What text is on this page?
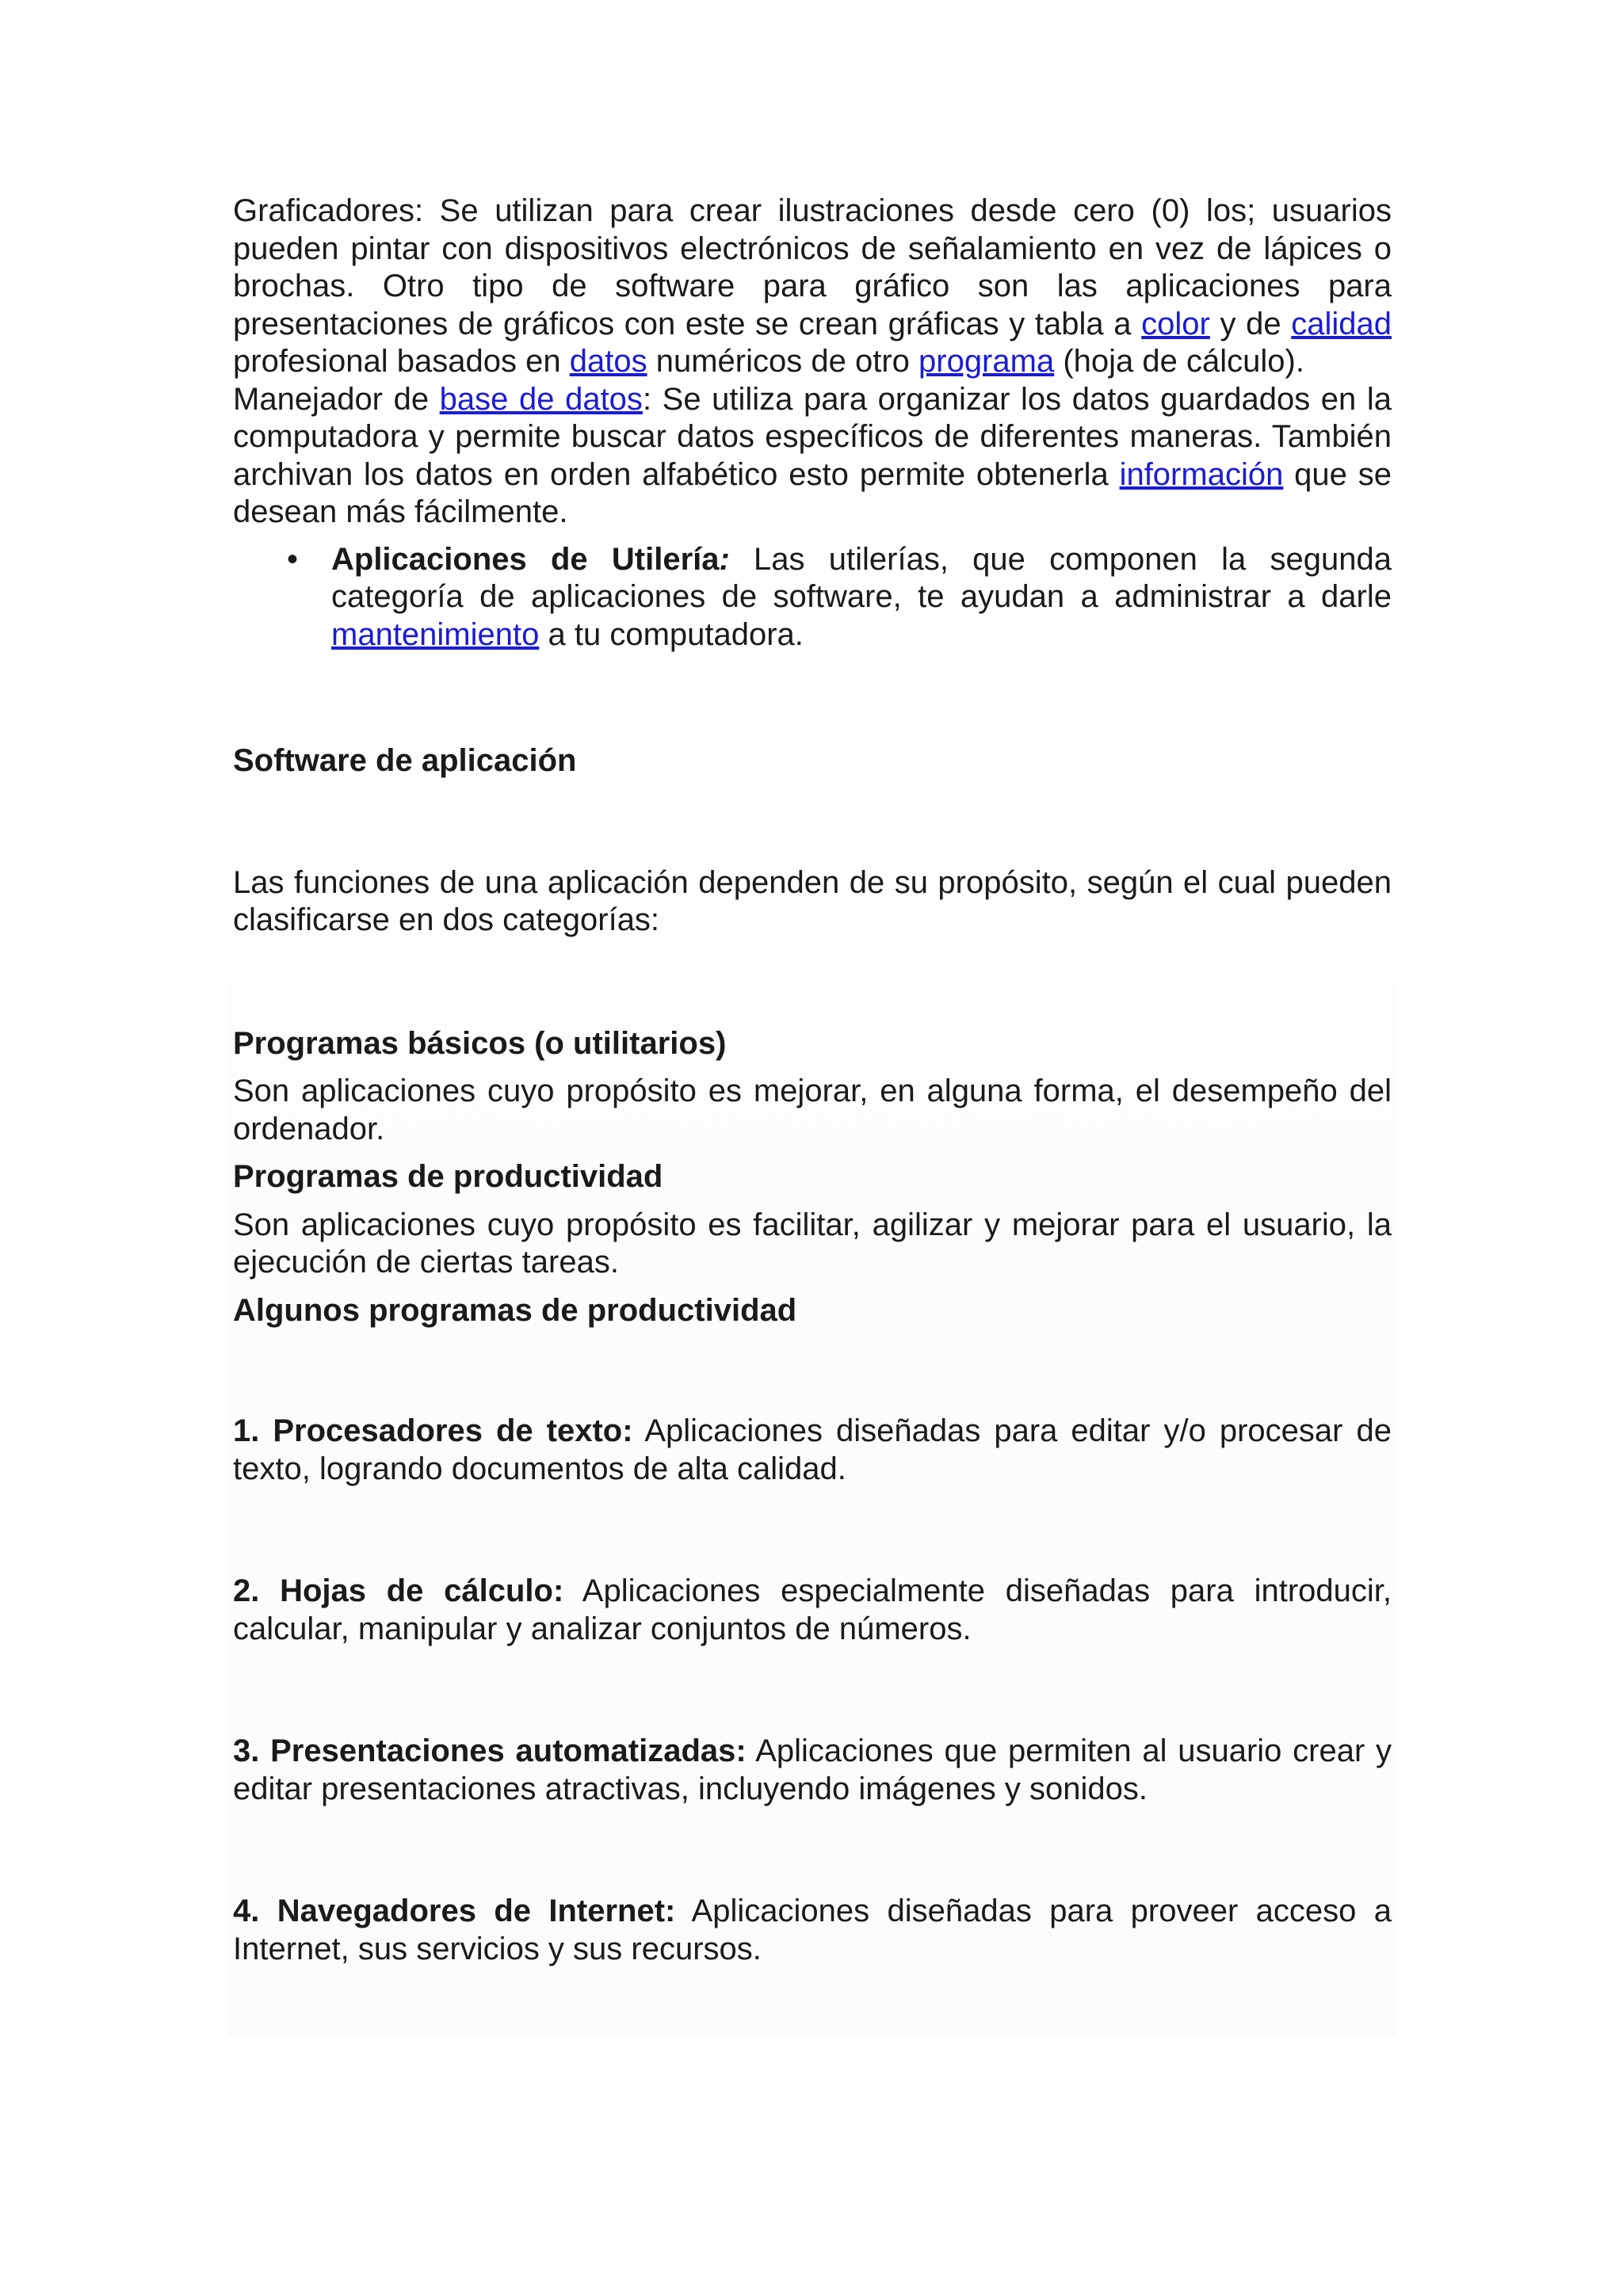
Graficadores: Se utilizan para crear ilustraciones desde cero (0) los; usuarios pueden pintar con dispositivos electrónicos de señalamiento en vez de lápices o brochas. Otro tipo de software para gráfico son las aplicaciones para presentaciones de gráficos con este se crean gráficas y tabla a color y de calidad profesional basados en datos numéricos de otro programa (hoja de cálculo).

Manejador de base de datos: Se utiliza para organizar los datos guardados en la computadora y permite buscar datos específicos de diferentes maneras. También archivan los datos en orden alfabético esto permite obtenerla información que se desean más fácilmente.

• Aplicaciones de Utilería: Las utilerías, que componen la segunda categoría de aplicaciones de software, te ayudan a administrar a darle mantenimiento a tu computadora.

Software de aplicación

Las funciones de una aplicación dependen de su propósito, según el cual pueden clasificarse en dos categorías:

Programas básicos (o utilitarios)

Son aplicaciones cuyo propósito es mejorar, en alguna forma, el desempeño del ordenador.

Programas de productividad

Son aplicaciones cuyo propósito es facilitar, agilizar y mejorar para el usuario, la ejecución de ciertas tareas.

Algunos programas de productividad

1. Procesadores de texto: Aplicaciones diseñadas para editar y/o procesar de texto, logrando documentos de alta calidad.

2. Hojas de cálculo: Aplicaciones especialmente diseñadas para introducir, calcular, manipular y analizar conjuntos de números.

3. Presentaciones automatizadas: Aplicaciones que permiten al usuario crear y editar presentaciones atractivas, incluyendo imágenes y sonidos.

4. Navegadores de Internet: Aplicaciones diseñadas para proveer acceso a Internet, sus servicios y sus recursos.
